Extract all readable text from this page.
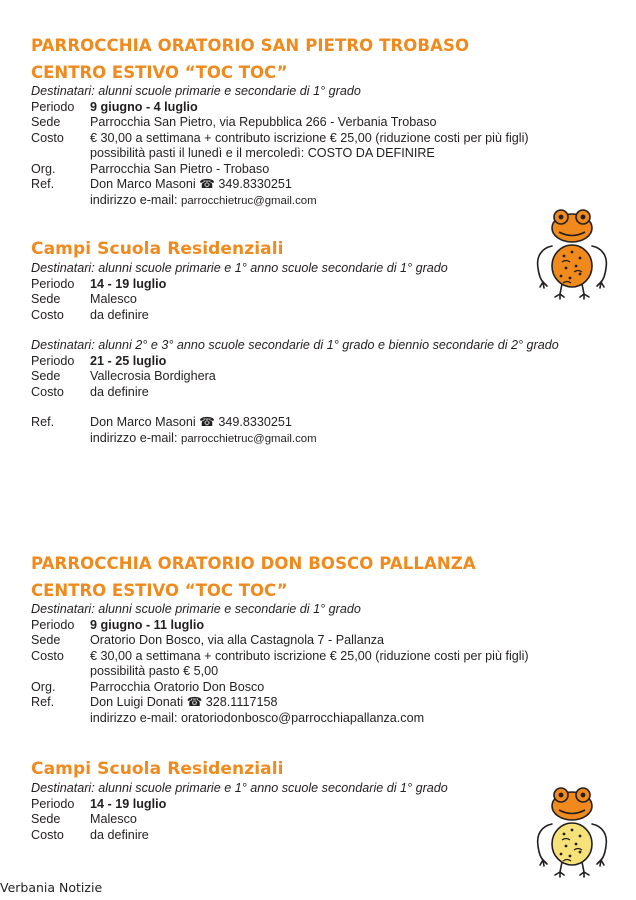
PARROCCHIA ORATORIO SAN PIETRO TROBASO
CENTRO ESTIVO “TOC TOC”
Destinatari: alunni scuole primarie e secondarie di 1° grado
Periodo	9 giugno - 4 luglio
Sede	Parrocchia San Pietro, via Repubblica 266 - Verbania Trobaso
Costo	€ 30,00 a settimana + contributo iscrizione € 25,00 (riduzione costi per più figli)
possibilità pasti il lunedì e il mercoledì: COSTO DA DEFINIRE
Org.	Parrocchia San Pietro - Trobaso
Ref.	Don Marco Masoni ☎ 349.8330251
indirizzo e-mail: parrocchietruc@gmail.com
Campi Scuola Residenziali
Destinatari: alunni scuole primarie e 1° anno scuole secondarie di 1° grado
Periodo	14 - 19 luglio
Sede	Malesco
Costo	da definire
Destinatari: alunni 2° e 3° anno scuole secondarie di 1° grado e biennio secondarie di 2° grado
Periodo	21 - 25 luglio
Sede	Vallecrosia Bordighera
Costo	da definire
Ref.	Don Marco Masoni ☎ 349.8330251
indirizzo e-mail: parrocchietruc@gmail.com
PARROCCHIA ORATORIO DON BOSCO PALLANZA
CENTRO ESTIVO “TOC TOC”
Destinatari: alunni scuole primarie e secondarie di 1° grado
Periodo	9 giugno - 11 luglio
Sede	Oratorio Don Bosco, via alla Castagnola 7 - Pallanza
Costo	€ 30,00 a settimana + contributo iscrizione € 25,00 (riduzione costi per più figli)
possibilità pasto € 5,00
Org.	Parrocchia Oratorio Don Bosco
Ref.	Don Luigi Donati ☎ 328.1117158
indirizzo e-mail: oratoriodonbosco@parrocchiapallanza.com
Campi Scuola Residenziali
Destinatari: alunni scuole primarie e 1° anno scuole secondarie di 1° grado
Periodo	14 - 19 luglio
Sede	Malesco
Costo	da definire
Verbania Notizie
